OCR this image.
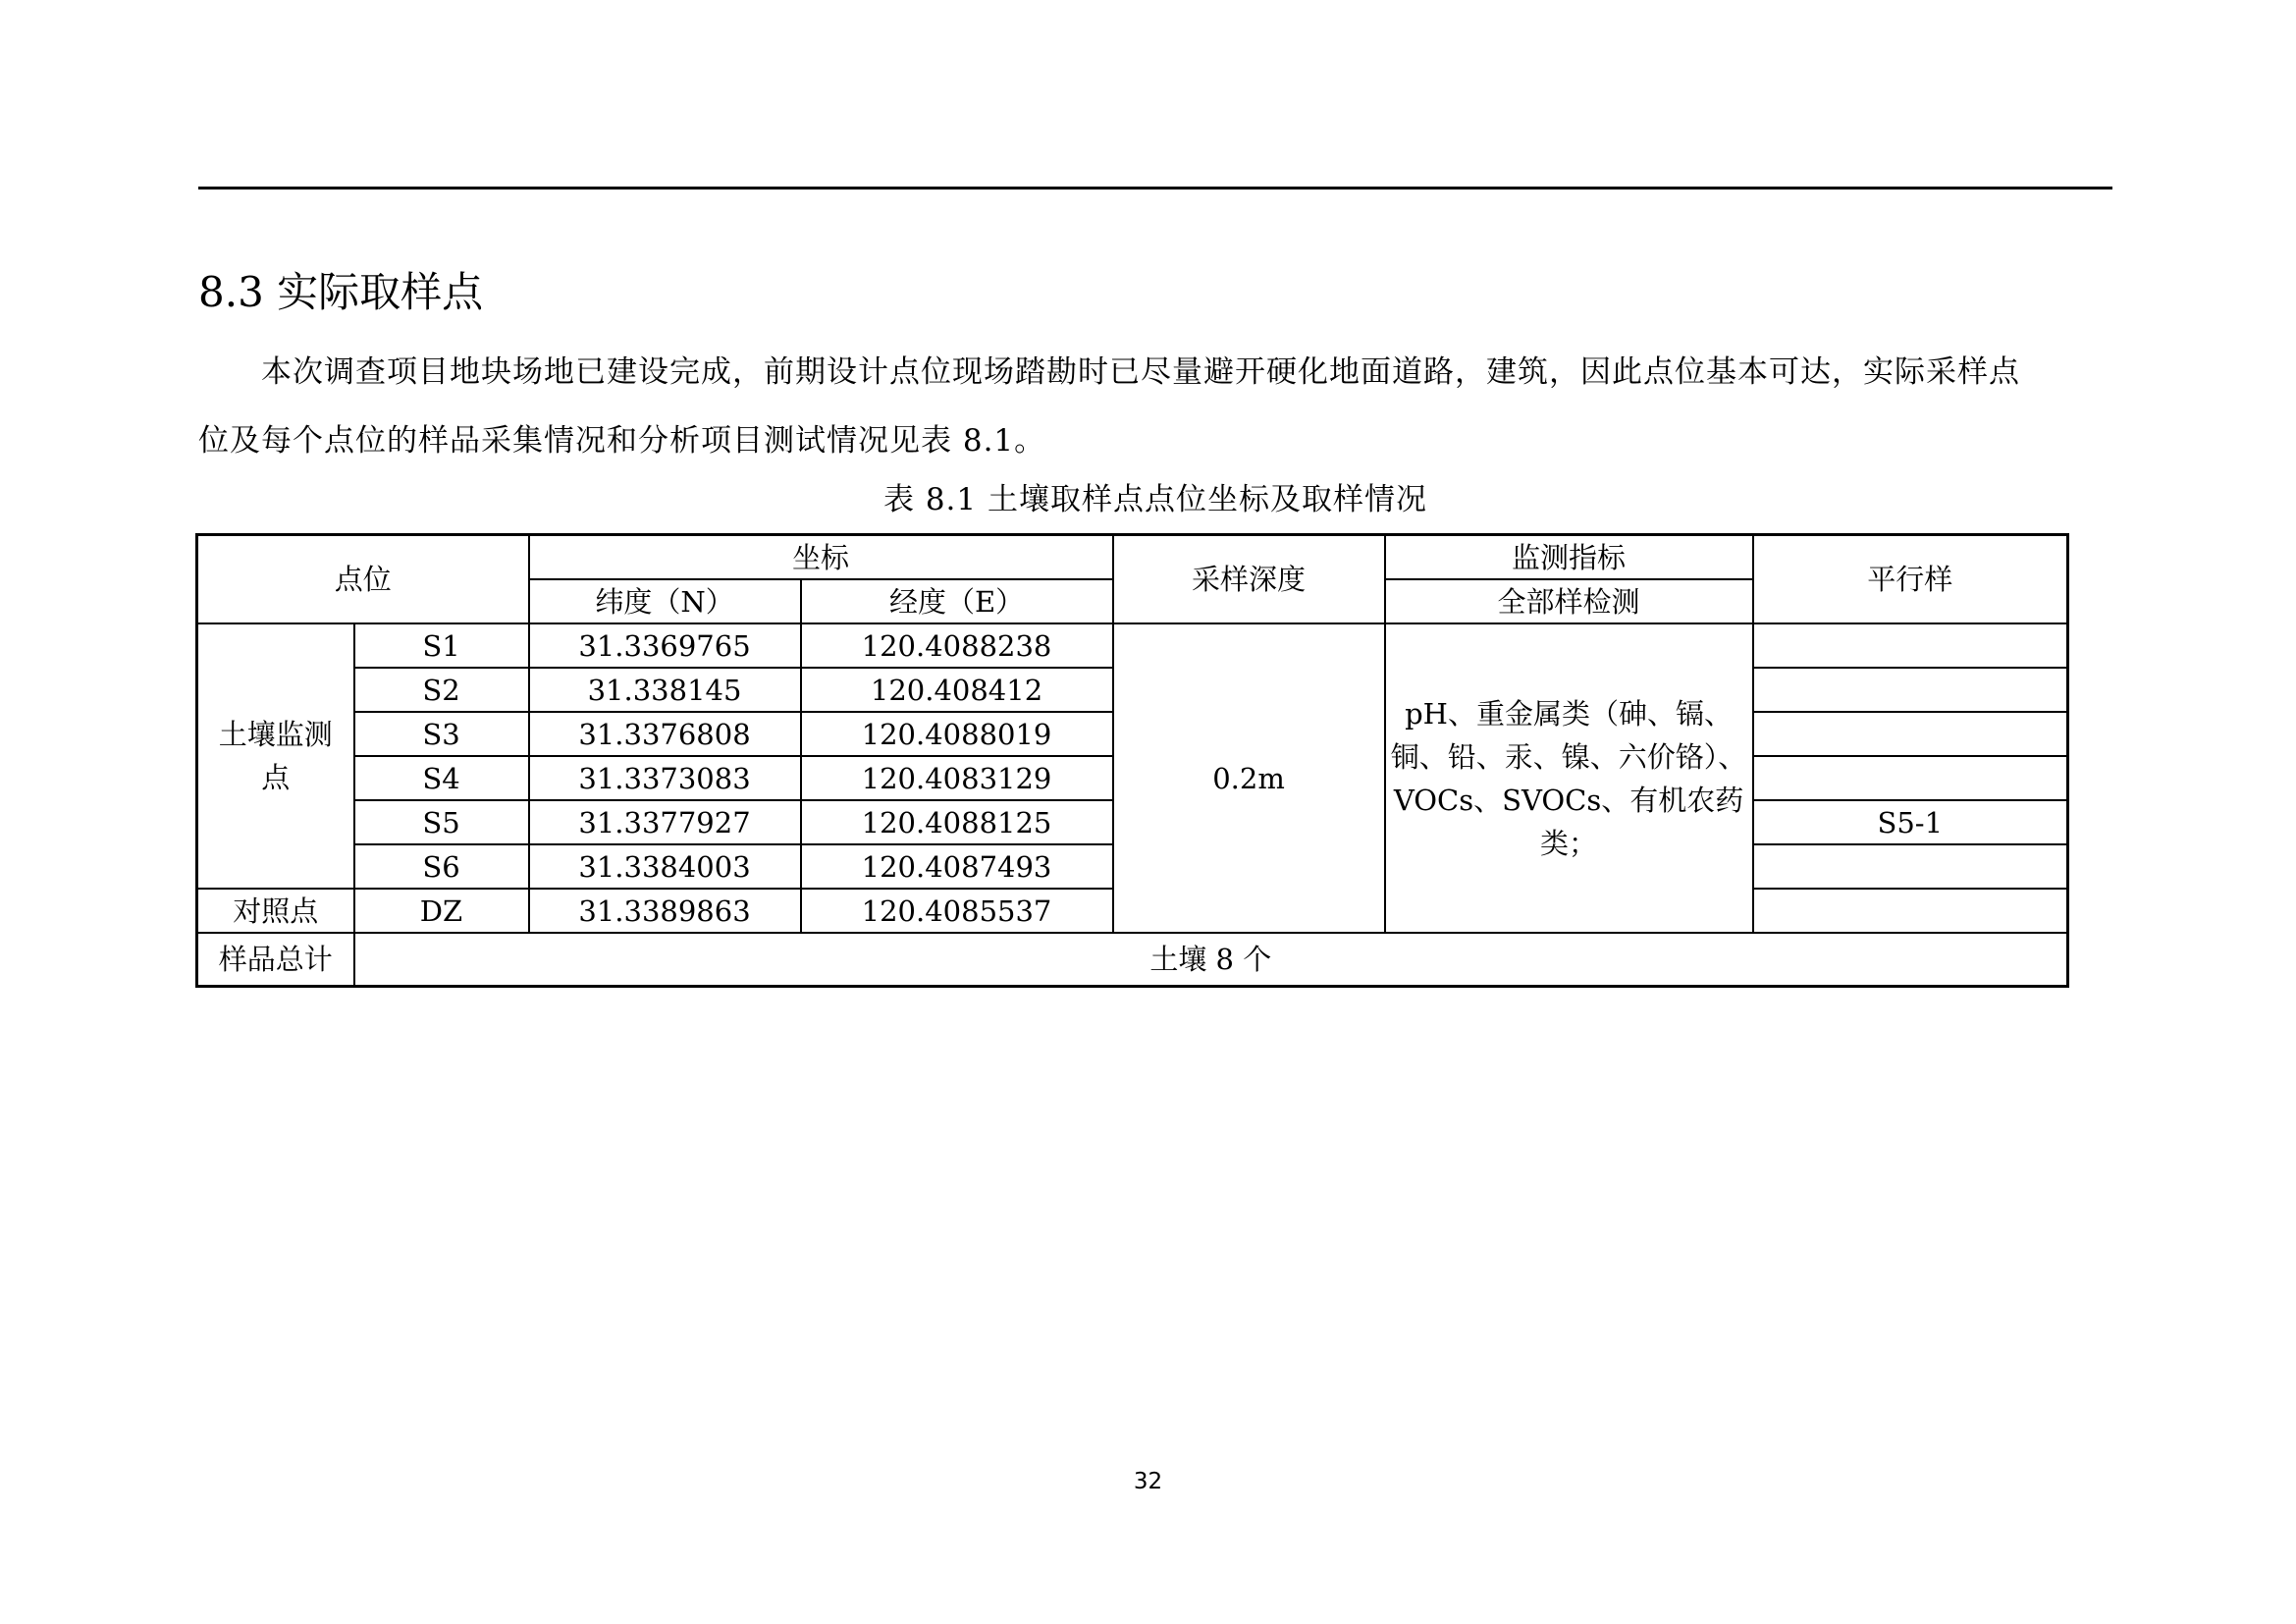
8.3 实际取样点
本次调查项目地块场地已建设完成，前期设计点位现场踏勘时已尽量避开硬化地面道路，建筑，因此点位基本可达，实际采样点
位及每个点位的样品采集情况和分析项目测试情况见表 8.1。
表 8.1 土壤取样点点位坐标及取样情况
点位		坐标		采样深度	监测指标	平行样
		纬度（N）	经度（E）		全部样检测	
土壤监测点	S1	31.3369765	120.4088238	0.2m	pH、重金属类（砷、镉、铜、铅、汞、镍、六价铬）、VOCs、SVOCs、有机农药类；	
	S2	31.338145	120.408412			
	S3	31.3376808	120.4088019			
	S4	31.3373083	120.4083129			
	S5	31.3377927	120.4088125			S5-1
	S6	31.3384003	120.4087493			
对照点	DZ	31.3389863	120.4085537			
样品总计	土壤 8 个					
32
